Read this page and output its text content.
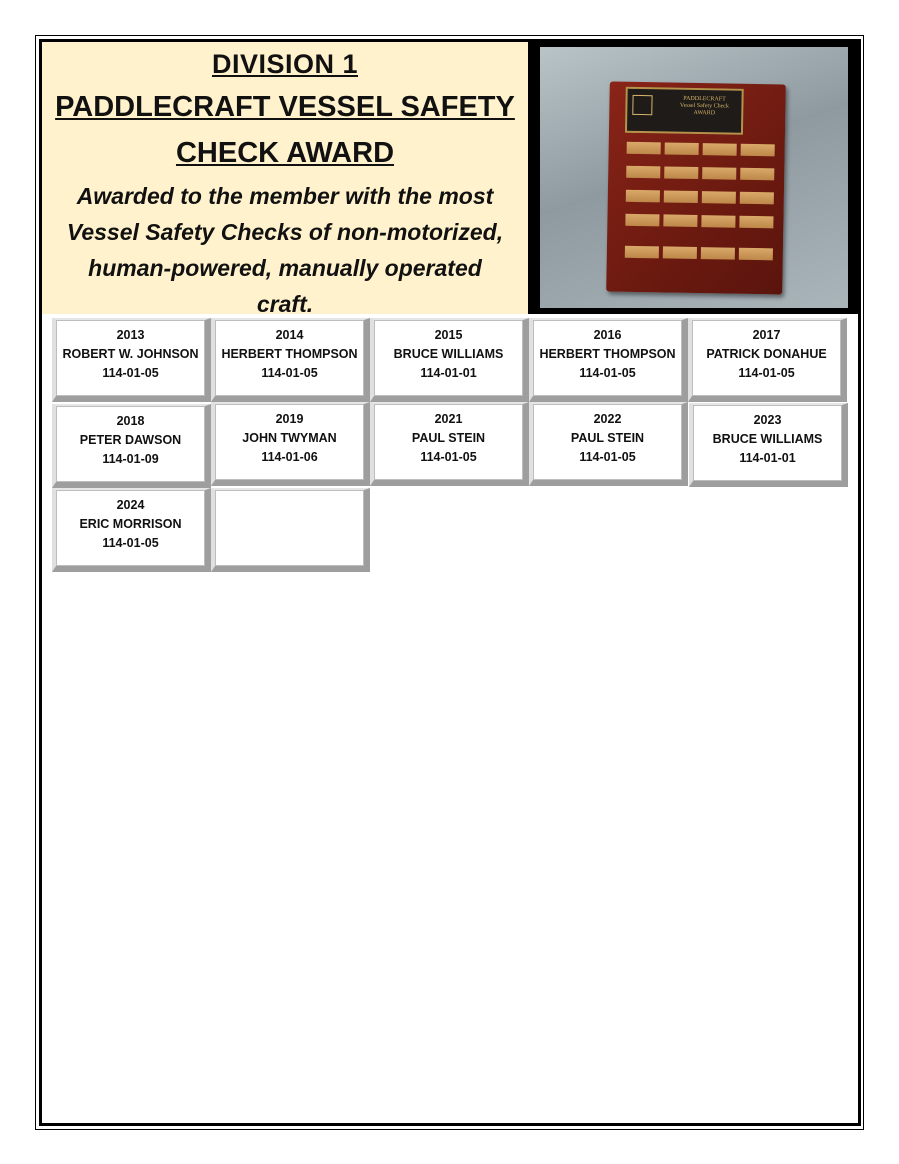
DIVISION 1
PADDLECRAFT VESSEL SAFETY
CHECK AWARD
Awarded to the member with the most
Vessel Safety Checks of non-motorized,
human-powered, manually operated
craft.
PADDLECRAFT
Vessel Safety Check
AWARD
2013
ROBERT W. JOHNSON
114-01-05
2014
HERBERT THOMPSON
114-01-05
2015
BRUCE WILLIAMS
114-01-01
2016
HERBERT THOMPSON
114-01-05
2017
PATRICK DONAHUE
114-01-05
2018
PETER DAWSON
114-01-09
2019
JOHN TWYMAN
114-01-06
2021
PAUL STEIN
114-01-05
2022
PAUL STEIN
114-01-05
2023
BRUCE WILLIAMS
114-01-01
2024
ERIC MORRISON
114-01-05
